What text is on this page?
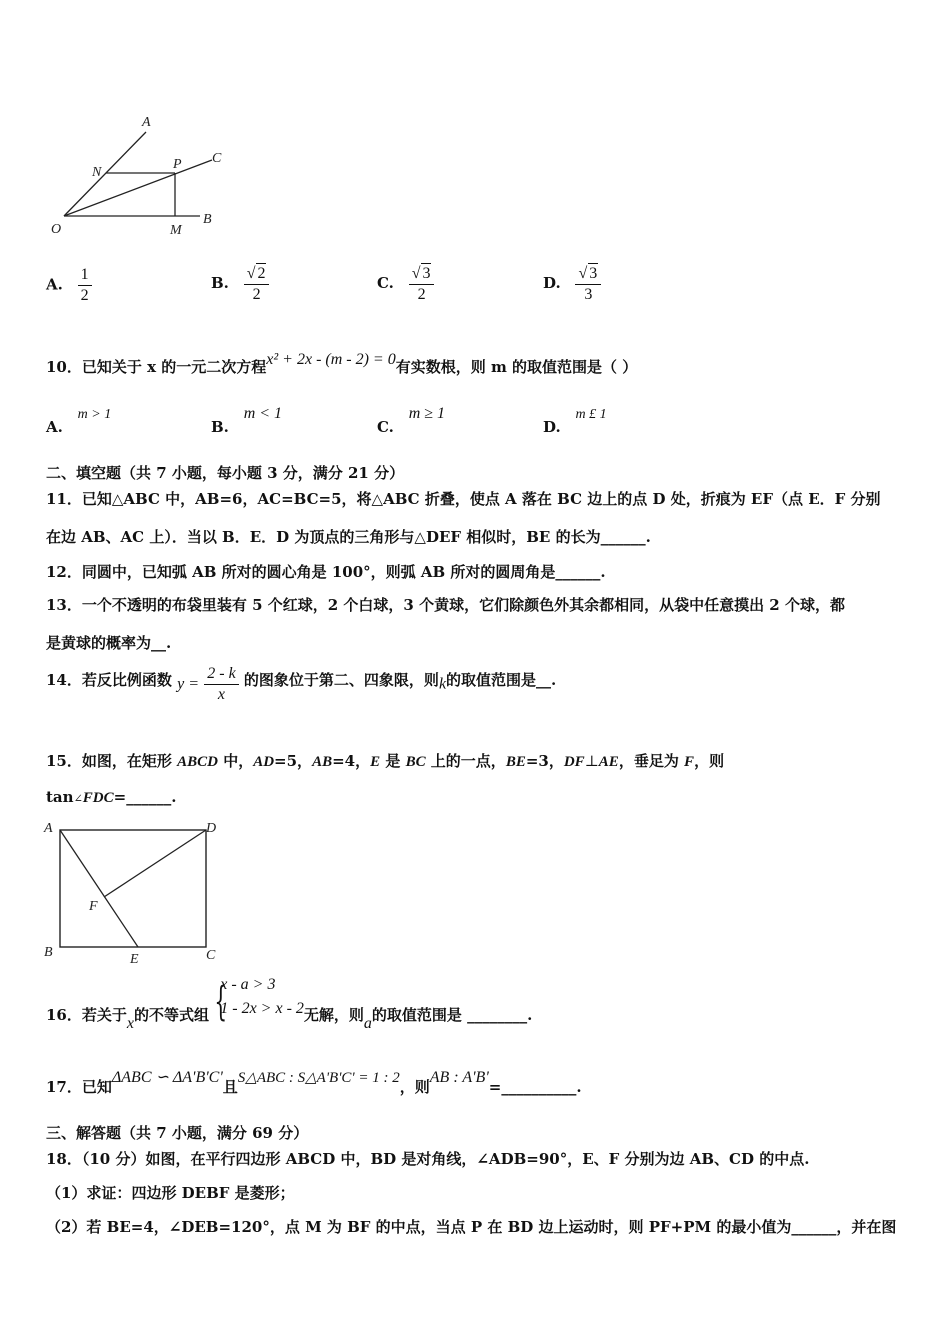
A
N
P C
O	M
B
A. $\frac{1}{2}$	B. $\frac{√ 2}{2}$	C. $\frac{√ 3}{2}$	D. $\frac{√ 3}{3}$
10．已知关于 x 的一元二次方程x² + 2x - (m - 2) = 0有实数根，则 m 的取值范围是（ ）
A. m > 1
B. m < 1
C. m ≥ 1
D. m £ 1
二、填空题（共 7 小题，每小题 3 分，满分 21 分）
11．已知△ABC 中，AB=6，AC=BC=5，将△ABC 折叠，使点 A 落在 BC 边上的点 D 处，折痕为 EF（点 E．F 分别
在边 AB、AC 上）．当以 B．E．D 为顶点的三角形与△DEF 相似时，BE 的长为______.
12．同圆中，已知弧 AB 所对的圆心角是 100°，则弧 AB 所对的圆周角是______.
13．一个不透明的布袋里装有 5 个红球，2 个白球，3 个黄球，它们除颜色外其余都相同，从袋中任意摸出 2 个球，都
是黄球的概率为__.
14．若反比例函数 $y = \frac{2 - k}{x}$ 的图象位于第二、四象限，则k的取值范围是__.
15．如图，在矩形 ABCD 中，AD=5，AB=4，E 是 BC 上的一点，BE=3，DF⊥AE，垂足为 F，则
tan∠FDC=______.
A	D
F
B	E	C
16．若关于x的不等式组 {
x - a > 3
1 - 2x > x - 2 无解，则a的取值范围是 ________.
17．已知ΔABC ∽ ΔA'B'C'且S△ABC : S△A'B'C' = 1 : 2，则AB : A'B'=__________.
三、解答题（共 7 小题，满分 69 分）
18．（10 分）如图，在平行四边形 ABCD 中，BD 是对角线，∠ADB=90°，E、F 分别为边 AB、CD 的中点.
（1）求证：四边形 DEBF 是菱形；
（2）若 BE=4，∠DEB=120°，点 M 为 BF 的中点，当点 P 在 BD 边上运动时，则 PF+PM 的最小值为______，并在图
